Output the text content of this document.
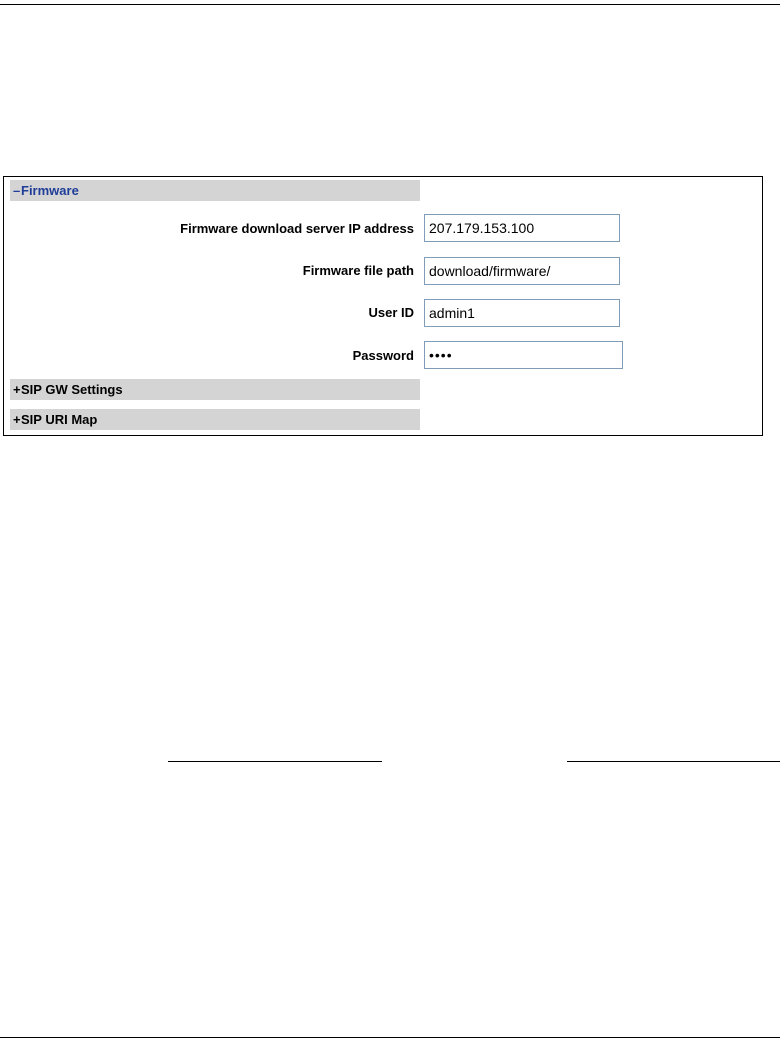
–Firmware
Firmware download server IP address
207.179.153.100
Firmware file path
download/firmware/
User ID
admin1
Password
+SIP GW Settings
+SIP URI Map
